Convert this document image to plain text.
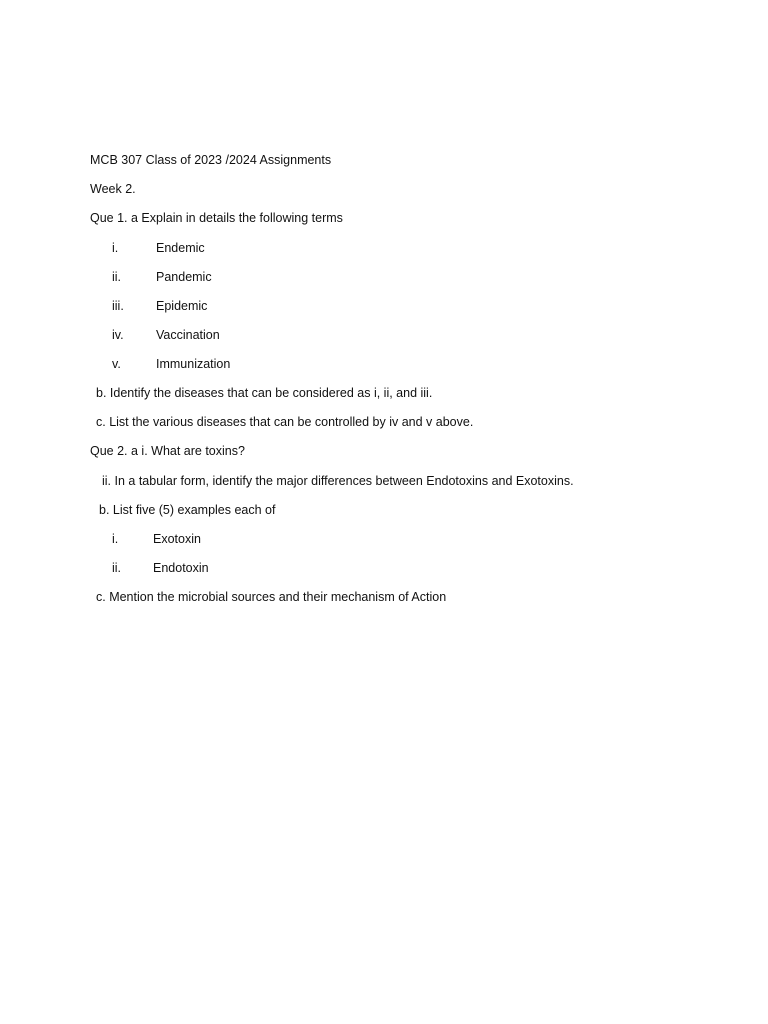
MCB 307 Class of 2023 /2024 Assignments
Week 2.
Que 1. a Explain in details the following terms
i.	Endemic
ii.	Pandemic
iii.	Epidemic
iv.	Vaccination
v.	Immunization
b. Identify the diseases that can be considered as i, ii, and iii.
c. List the various diseases that can be controlled by iv and v above.
Que 2. a i. What are toxins?
ii. In a tabular form, identify the major differences between Endotoxins and Exotoxins.
b. List five (5) examples each of
i.	Exotoxin
ii.	Endotoxin
c. Mention the microbial sources and their mechanism of Action
